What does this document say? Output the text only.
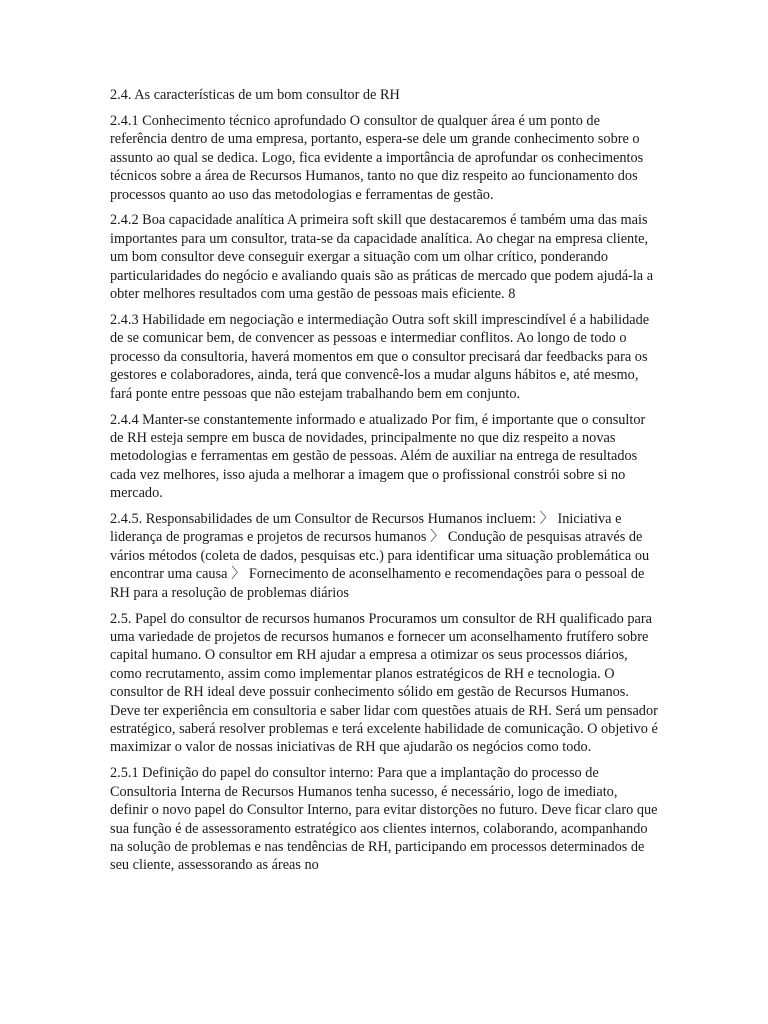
2.4. As características de um bom consultor de RH

2.4.1 Conhecimento técnico aprofundado O consultor de qualquer área é um ponto de referência dentro de uma empresa, portanto, espera-se dele um grande conhecimento sobre o assunto ao qual se dedica. Logo, fica evidente a importância de aprofundar os conhecimentos técnicos sobre a área de Recursos Humanos, tanto no que diz respeito ao funcionamento dos processos quanto ao uso das metodologias e ferramentas de gestão.

2.4.2 Boa capacidade analítica A primeira soft skill que destacaremos é também uma das mais importantes para um consultor, trata-se da capacidade analítica. Ao chegar na empresa cliente, um bom consultor deve conseguir exergar a situação com um olhar crítico, ponderando particularidades do negócio e avaliando quais são as práticas de mercado que podem ajudá-la a obter melhores resultados com uma gestão de pessoas mais eficiente. 8

2.4.3 Habilidade em negociação e intermediação Outra soft skill imprescindível é a habilidade de se comunicar bem, de convencer as pessoas e intermediar conflitos. Ao longo de todo o processo da consultoria, haverá momentos em que o consultor precisará dar feedbacks para os gestores e colaboradores, ainda, terá que convencê-los a mudar alguns hábitos e, até mesmo, fará ponte entre pessoas que não estejam trabalhando bem em conjunto.

2.4.4 Manter-se constantemente informado e atualizado Por fim, é importante que o consultor de RH esteja sempre em busca de novidades, principalmente no que diz respeito a novas metodologias e ferramentas em gestão de pessoas. Além de auxiliar na entrega de resultados cada vez melhores, isso ajuda a melhorar a imagem que o profissional constrói sobre si no mercado.

2.4.5. Responsabilidades de um Consultor de Recursos Humanos incluem: 〉 Iniciativa e liderança de programas e projetos de recursos humanos 〉 Condução de pesquisas através de vários métodos (coleta de dados, pesquisas etc.) para identificar uma situação problemática ou encontrar uma causa 〉 Fornecimento de aconselhamento e recomendações para o pessoal de RH para a resolução de problemas diários

2.5. Papel do consultor de recursos humanos Procuramos um consultor de RH qualificado para uma variedade de projetos de recursos humanos e fornecer um aconselhamento frutífero sobre capital humano. O consultor em RH ajudar a empresa a otimizar os seus processos diários, como recrutamento, assim como implementar planos estratégicos de RH e tecnologia. O consultor de RH ideal deve possuir conhecimento sólido em gestão de Recursos Humanos. Deve ter experiência em consultoria e saber lidar com questões atuais de RH. Será um pensador estratégico, saberá resolver problemas e terá excelente habilidade de comunicação. O objetivo é maximizar o valor de nossas iniciativas de RH que ajudarão os negócios como todo.

2.5.1 Definição do papel do consultor interno: Para que a implantação do processo de Consultoria Interna de Recursos Humanos tenha sucesso, é necessário, logo de imediato, definir o novo papel do Consultor Interno, para evitar distorções no futuro. Deve ficar claro que sua função é de assessoramento estratégico aos clientes internos, colaborando, acompanhando na solução de problemas e nas tendências de RH, participando em processos determinados de seu cliente, assessorando as áreas no
